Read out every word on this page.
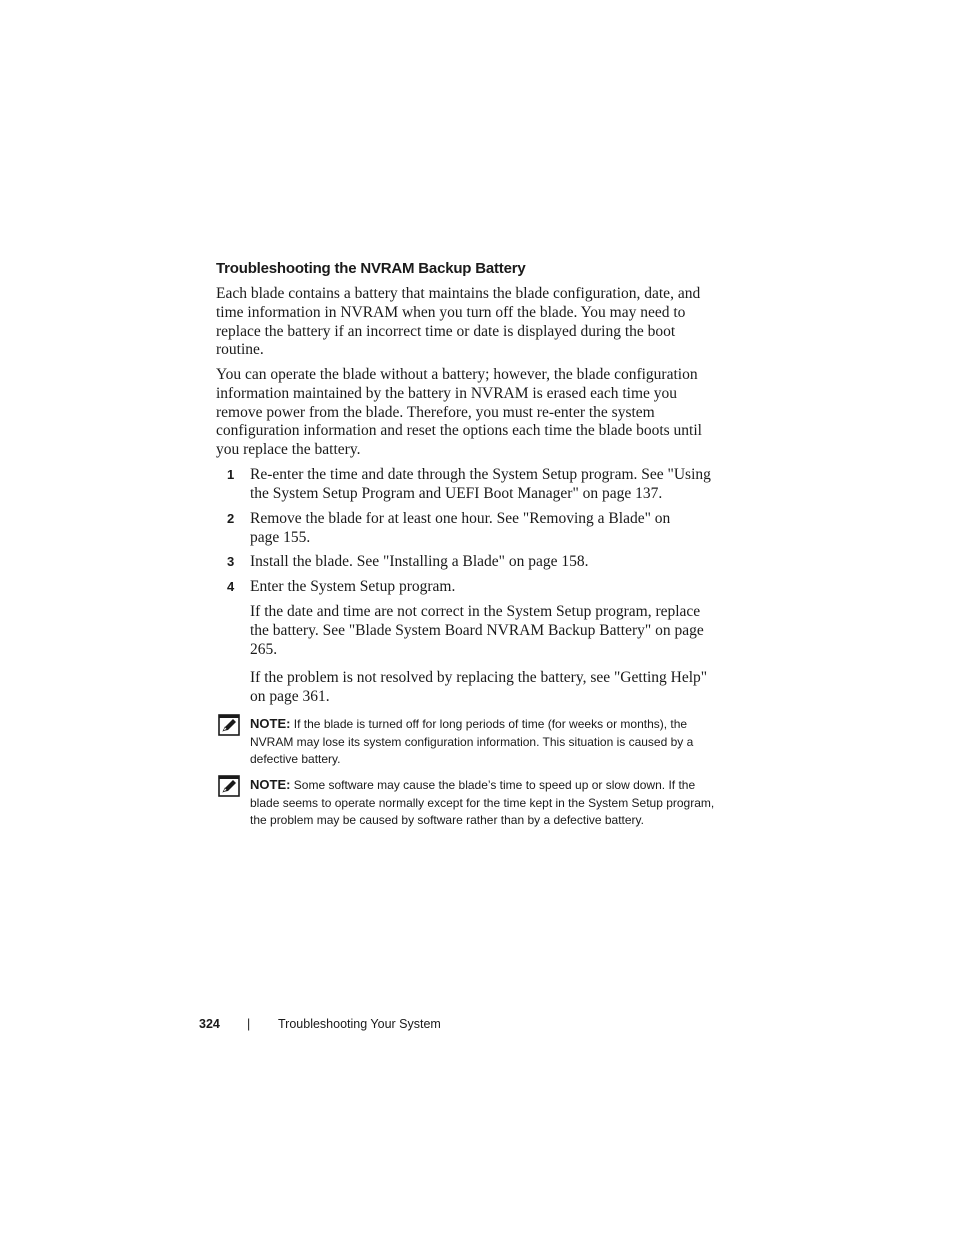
Troubleshooting the NVRAM Backup Battery

Each blade contains a battery that maintains the blade configuration, date, and time information in NVRAM when you turn off the blade. You may need to replace the battery if an incorrect time or date is displayed during the boot routine.

You can operate the blade without a battery; however, the blade configuration information maintained by the battery in NVRAM is erased each time you remove power from the blade. Therefore, you must re-enter the system configuration information and reset the options each time the blade boots until you replace the battery.

1 Re-enter the time and date through the System Setup program. See "Using the System Setup Program and UEFI Boot Manager" on page 137.

2 Remove the blade for at least one hour. See "Removing a Blade" on page 155.

3 Install the blade. See "Installing a Blade" on page 158.

4 Enter the System Setup program.

If the date and time are not correct in the System Setup program, replace the battery. See "Blade System Board NVRAM Backup Battery" on page 265.

If the problem is not resolved by replacing the battery, see "Getting Help" on page 361.

NOTE: If the blade is turned off for long periods of time (for weeks or months), the NVRAM may lose its system configuration information. This situation is caused by a defective battery.

NOTE: Some software may cause the blade’s time to speed up or slow down. If the blade seems to operate normally except for the time kept in the System Setup program, the problem may be caused by software rather than by a defective battery.

324 | Troubleshooting Your System
